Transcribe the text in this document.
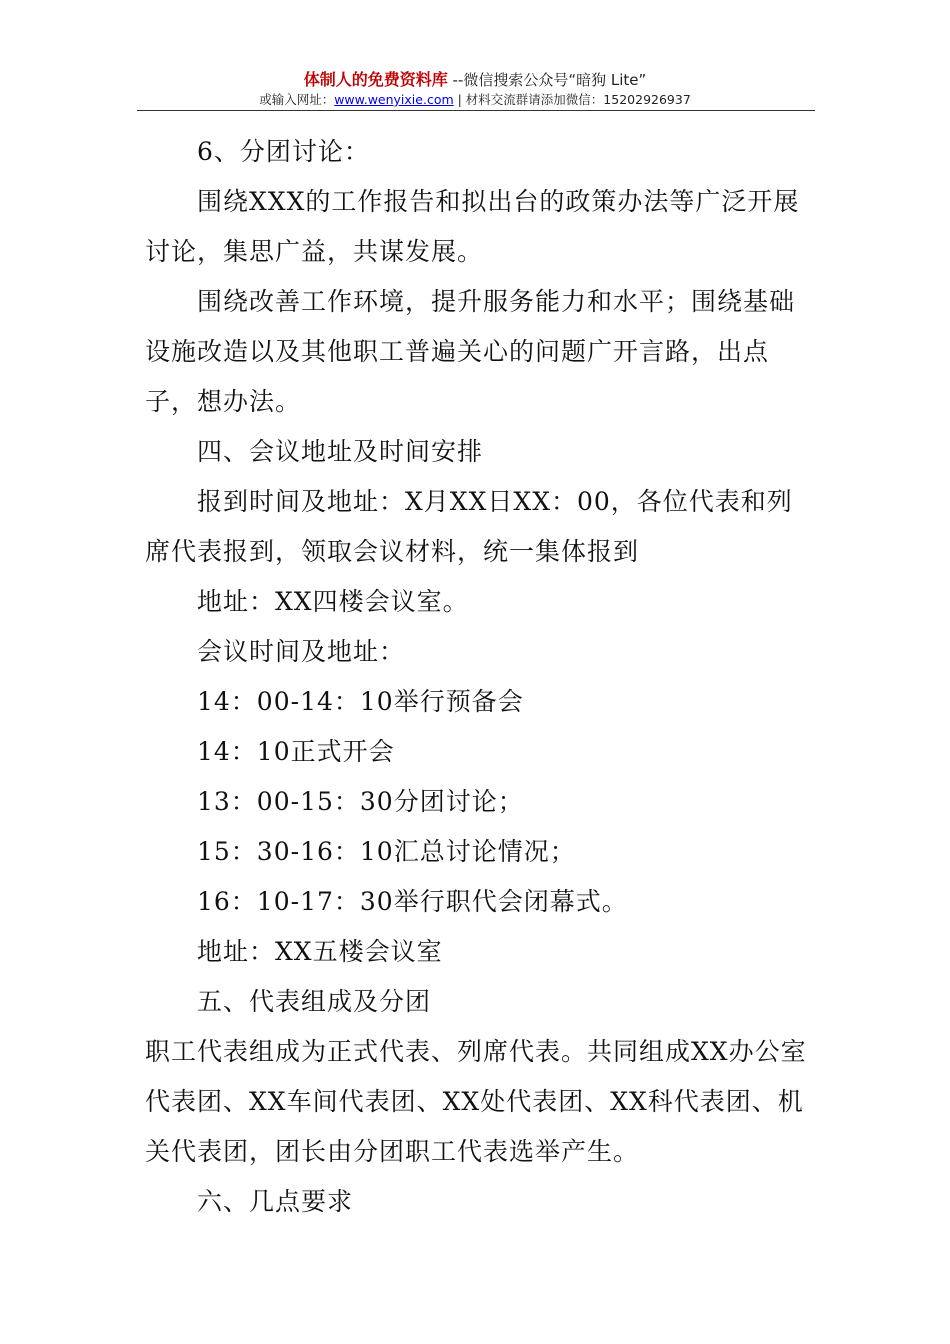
体制人的免费资料库 --微信搜索公众号“暗狗 Lite”
或输入网址：www.wenyixie.com | 材料交流群请添加微信：15202926937

6、分团讨论：

围绕XXX的工作报告和拟出台的政策办法等广泛开展讨论，集思广益，共谋发展。

围绕改善工作环境，提升服务能力和水平；围绕基础设施改造以及其他职工普遍关心的问题广开言路，出点子，想办法。

四、会议地址及时间安排

报到时间及地址：X月XX日XX：00，各位代表和列席代表报到，领取会议材料，统一集体报到

地址：XX四楼会议室。

会议时间及地址：

14：00-14：10举行预备会

14：10正式开会

13：00-15：30分团讨论；

15：30-16：10汇总讨论情况；

16：10-17：30举行职代会闭幕式。

地址：XX五楼会议室

五、代表组成及分团

职工代表组成为正式代表、列席代表。共同组成XX办公室代表团、XX车间代表团、XX处代表团、XX科代表团、机关代表团，团长由分团职工代表选举产生。

六、几点要求
